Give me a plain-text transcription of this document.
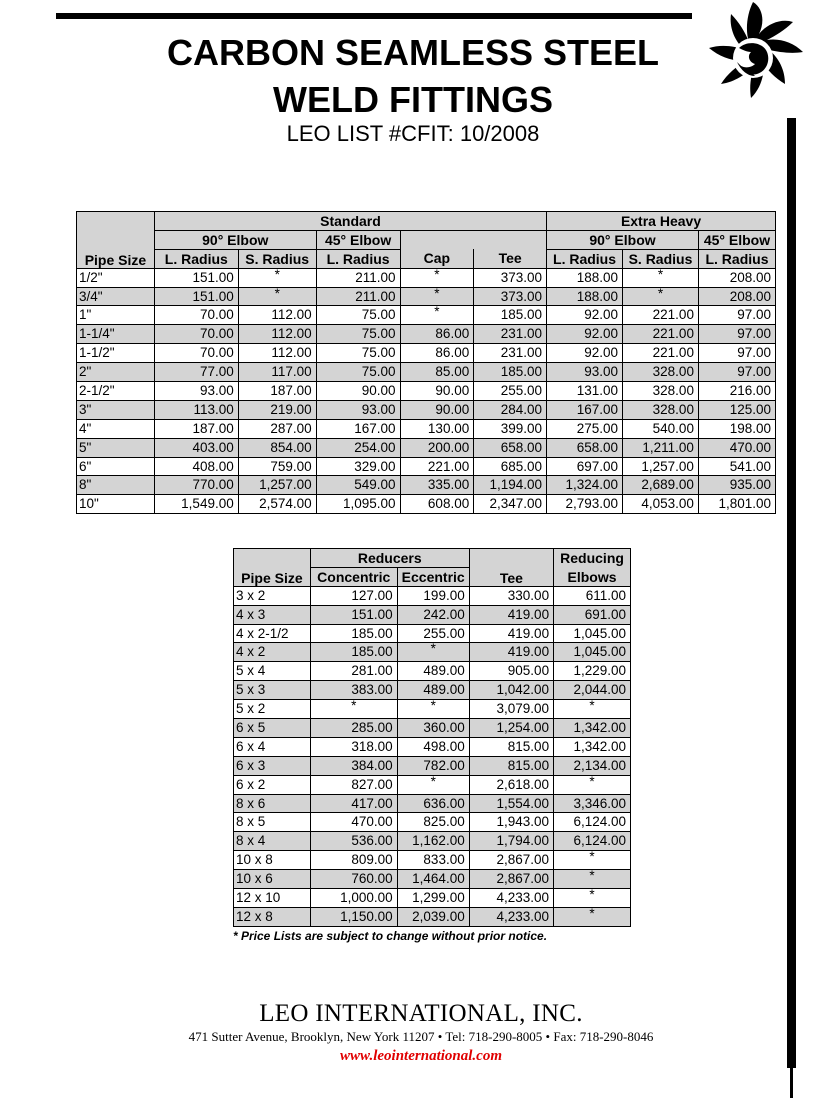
CARBON SEAMLESS STEEL
WELD FITTINGS
LEO LIST #CFIT: 10/2008
Pipe Size	Standard					Extra Heavy		
	90° Elbow		45° Elbow			90° Elbow		45° Elbow
	L. Radius	S. Radius	L. Radius	Cap	Tee	L. Radius	S. Radius	L. Radius
1/2"	151.00	*	211.00	*	373.00	188.00	*	208.00
3/4"	151.00	*	211.00	*	373.00	188.00	*	208.00
1"	70.00	112.00	75.00	*	185.00	92.00	221.00	97.00
1-1/4"	70.00	112.00	75.00	86.00	231.00	92.00	221.00	97.00
1-1/2"	70.00	112.00	75.00	86.00	231.00	92.00	221.00	97.00
2"	77.00	117.00	75.00	85.00	185.00	93.00	328.00	97.00
2-1/2"	93.00	187.00	90.00	90.00	255.00	131.00	328.00	216.00
3"	113.00	219.00	93.00	90.00	284.00	167.00	328.00	125.00
4"	187.00	287.00	167.00	130.00	399.00	275.00	540.00	198.00
5"	403.00	854.00	254.00	200.00	658.00	658.00	1,211.00	470.00
6"	408.00	759.00	329.00	221.00	685.00	697.00	1,257.00	541.00
8"	770.00	1,257.00	549.00	335.00	1,194.00	1,324.00	2,689.00	935.00
10"	1,549.00	2,574.00	1,095.00	608.00	2,347.00	2,793.00	4,053.00	1,801.00
Pipe Size	Reducers		Tee	Reducing
	Concentric	Eccentric		Elbows
3 x 2	127.00	199.00	330.00	611.00
4 x 3	151.00	242.00	419.00	691.00
4 x 2-1/2	185.00	255.00	419.00	1,045.00
4 x 2	185.00	*	419.00	1,045.00
5 x 4	281.00	489.00	905.00	1,229.00
5 x 3	383.00	489.00	1,042.00	2,044.00
5 x 2	*	*	3,079.00	*
6 x 5	285.00	360.00	1,254.00	1,342.00
6 x 4	318.00	498.00	815.00	1,342.00
6 x 3	384.00	782.00	815.00	2,134.00
6 x 2	827.00	*	2,618.00	*
8 x 6	417.00	636.00	1,554.00	3,346.00
8 x 5	470.00	825.00	1,943.00	6,124.00
8 x 4	536.00	1,162.00	1,794.00	6,124.00
10 x 8	809.00	833.00	2,867.00	*
10 x 6	760.00	1,464.00	2,867.00	*
12 x 10	1,000.00	1,299.00	4,233.00	*
12 x 8	1,150.00	2,039.00	4,233.00	*
* Price Lists are subject to change without prior notice.
LEO INTERNATIONAL, INC.
471 Sutter Avenue, Brooklyn, New York 11207 • Tel: 718-290-8005 • Fax: 718-290-8046
www.leointernational.com
